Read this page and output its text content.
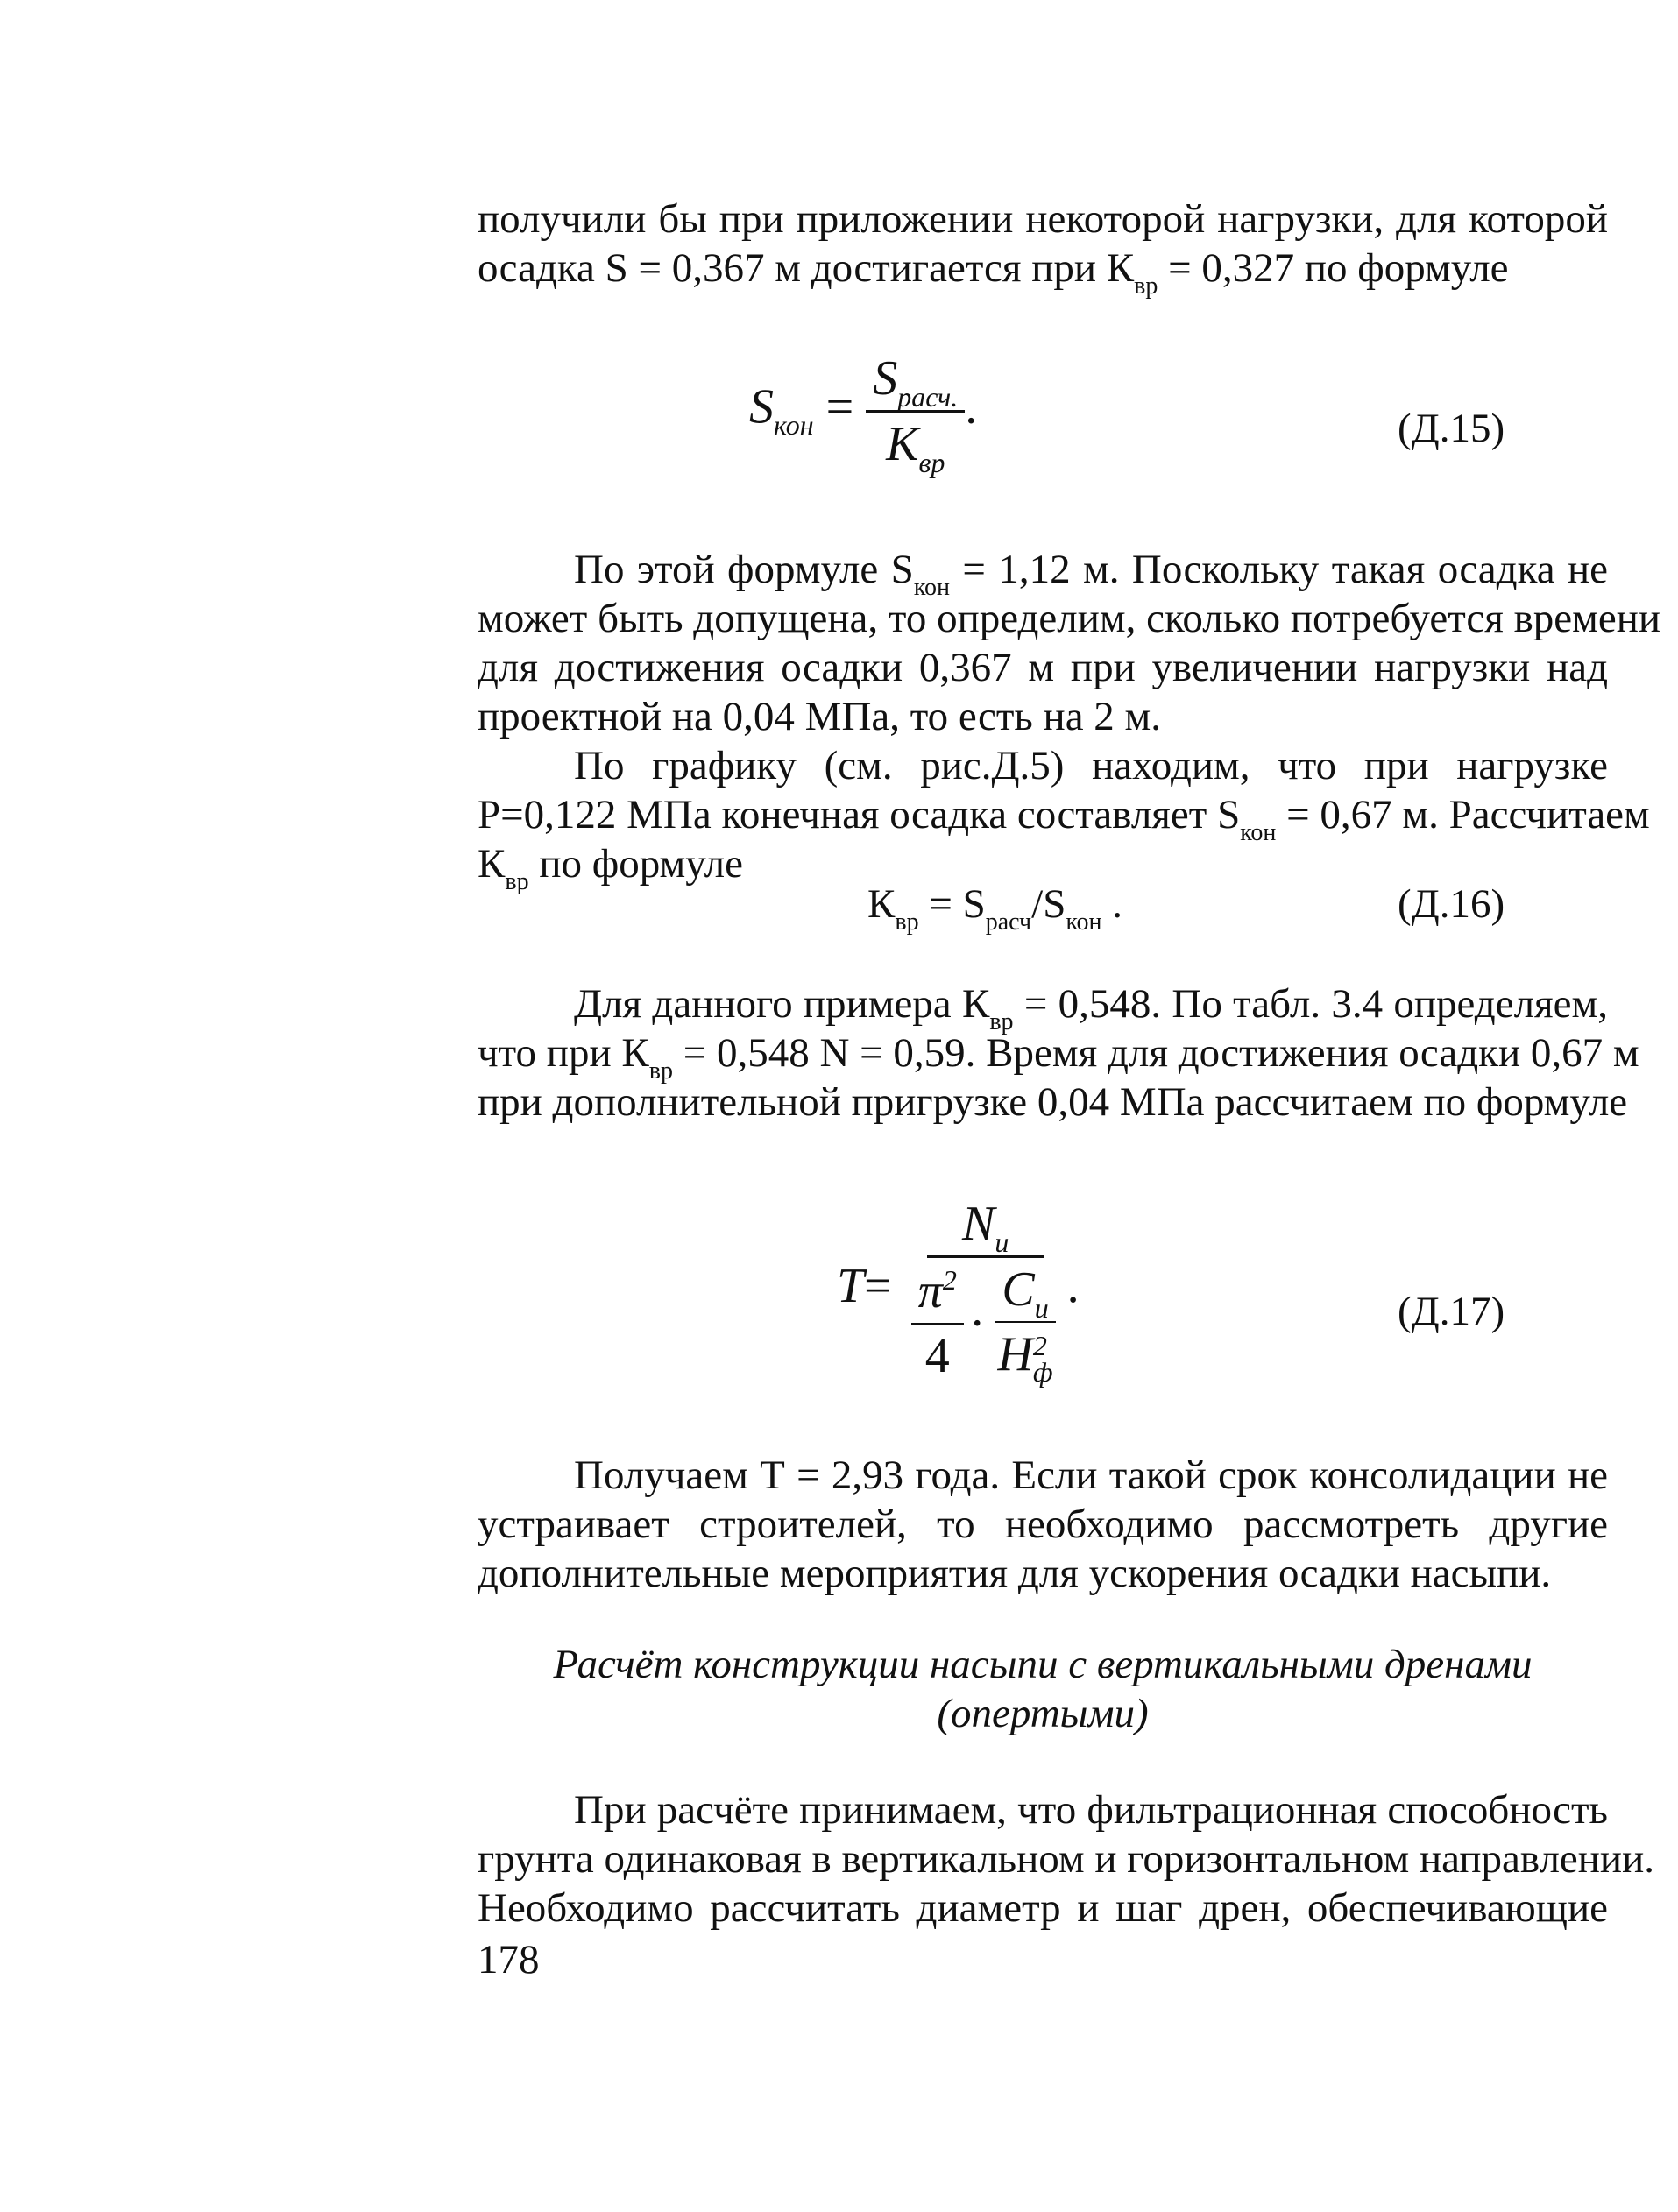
получили бы при приложении некоторой нагрузки, для которой
осадка S = 0,367 м достигается при $К_{вр} = 0,327$ по формуле
$S_{кон} = \frac{S_{расч.}}{K_{вр}}$ .	(Д.15)
По этой формуле $S_{кон} = 1,12$ м. Поскольку такая осадка не
может быть допущена, то определим, сколько потребуется времени
для достижения осадки 0,367 м при увеличении нагрузки над
проектной на 0,04 МПа, то есть на 2 м.
По графику (см. рис.Д.5) находим, что при нагрузке
Р=0,122 МПа конечная осадка составляет $S_{кон} = 0,67$ м. Рассчитаем
$К_{вр}$ по формуле
$К_{вр} = S_{расч}/S_{кон}$ .	(Д.16)
Для данного примера $К_{вр} = 0,548$. По табл. 3.4 определяем,
что при $К_{вр} = 0,548$ N = 0,59. Время для достижения осадки 0,67 м
при дополнительной пригрузке 0,04 МПа рассчитаем по формуле
T=
$N_и$
$\frac{\pi^2}{4} \cdot C_и$
H 2
ф .	(Д.17)
Получаем Т = 2,93 года. Если такой срок консолидации не
устраивает строителей, то необходимо рассмотреть другие
дополнительные мероприятия для ускорения осадки насыпи.
Расчёт конструкции насыпи с вертикальными дренами
(опертыми)
При расчёте принимаем, что фильтрационная способность
грунта одинаковая в вертикальном и горизонтальном направлении.
Необходимо рассчитать диаметр и шаг дрен, обеспечивающие
178
